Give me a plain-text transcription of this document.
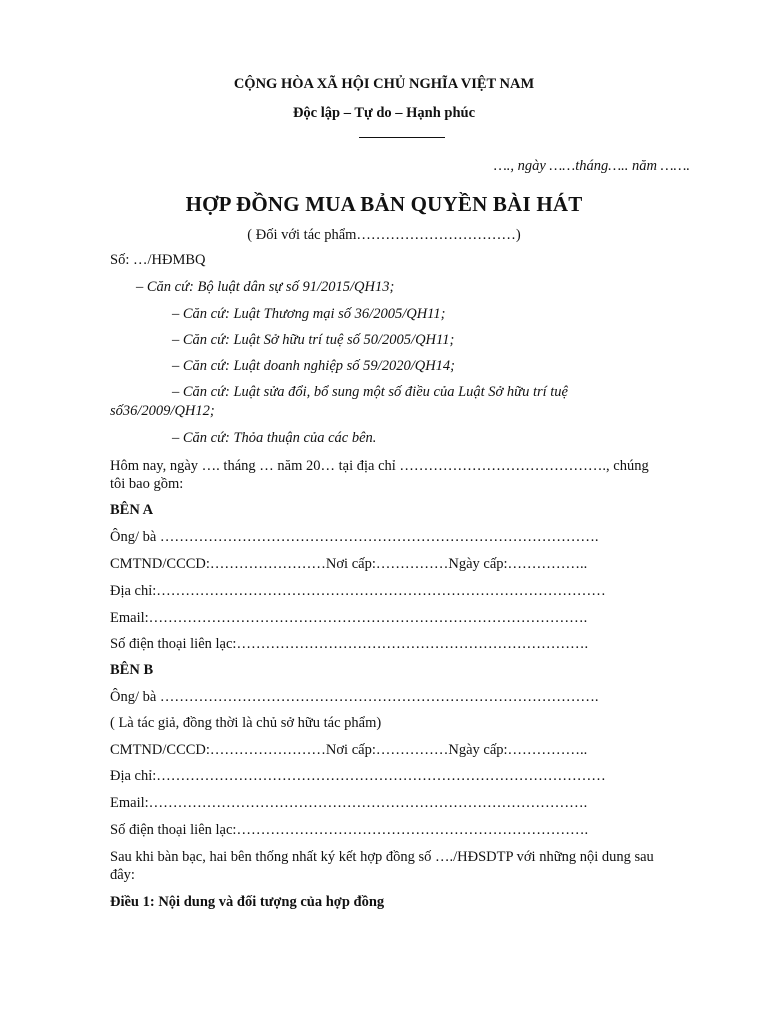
CỘNG HÒA XÃ HỘI CHỦ NGHĨA VIỆT NAM
Độc lập – Tự do – Hạnh phúc
…., ngày ……tháng….. năm …….
HỢP ĐỒNG MUA BẢN QUYỀN BÀI HÁT
( Đối với tác phẩm……………………………)
Số: …/HĐMBQ
– Căn cứ: Bộ luật dân sự số 91/2015/QH13;
– Căn cứ: Luật Thương mại số 36/2005/QH11;
– Căn cứ: Luật Sở hữu trí tuệ số 50/2005/QH11;
– Căn cứ: Luật doanh nghiệp số 59/2020/QH14;
– Căn cứ: Luật sửa đổi, bổ sung một số điều của Luật Sở hữu trí tuệ
số36/2009/QH12;
– Căn cứ: Thỏa thuận của các bên.
Hôm nay, ngày …. tháng … năm 20… tại địa chỉ ……………………………………., chúng
tôi bao gồm:
BÊN A
Ông/ bà ……………………………………………………………………………….
CMTND/CCCD:……………………Nơi cấp:……………Ngày cấp:……………..
Địa chỉ:…………………………………………………………………………………
Email:……………………………………………………………………………….
Số điện thoại liên lạc:……………………………………………………………….
BÊN B
Ông/ bà ……………………………………………………………………………….
( Là tác giả, đồng thời là chủ sở hữu tác phẩm)
CMTND/CCCD:……………………Nơi cấp:……………Ngày cấp:……………..
Địa chỉ:…………………………………………………………………………………
Email:……………………………………………………………………………….
Số điện thoại liên lạc:……………………………………………………………….
Sau khi bàn bạc, hai bên thống nhất ký kết hợp đồng số …./HĐSDTP với những nội dung sau
đây:
Điều 1: Nội dung và đối tượng của hợp đồng
